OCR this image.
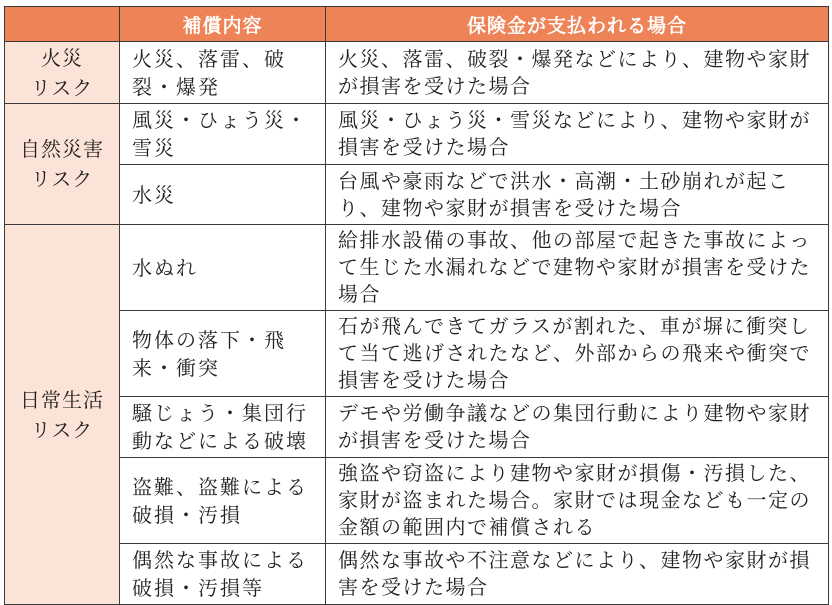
	補償内容	保険金が支払われる場合

火災
リスク	火災、落雷、破裂・爆発	火災、落雷、破裂・爆発などにより、建物や家財が損害を受けた場合

自然災害
リスク	風災・ひょう災・雪災	風災・ひょう災・雪災などにより、建物や家財が損害を受けた場合
	水災	台風や豪雨などで洪水・高潮・土砂崩れが起こり、建物や家財が損害を受けた場合

日常生活
リスク	水ぬれ	給排水設備の事故、他の部屋で起きた事故によって生じた水漏れなどで建物や家財が損害を受けた場合
	物体の落下・飛来・衝突	石が飛んできてガラスが割れた、車が塀に衝突して当て逃げされたなど、外部からの飛来や衝突で損害を受けた場合
	騒じょう・集団行動などによる破壊	デモや労働争議などの集団行動により建物や家財が損害を受けた場合
	盗難、盗難による破損・汚損	強盗や窃盗により建物や家財が損傷・汚損した、家財が盗まれた場合。家財では現金なども一定の金額の範囲内で補償される
	偶然な事故による破損・汚損等	偶然な事故や不注意などにより、建物や家財が損害を受けた場合
